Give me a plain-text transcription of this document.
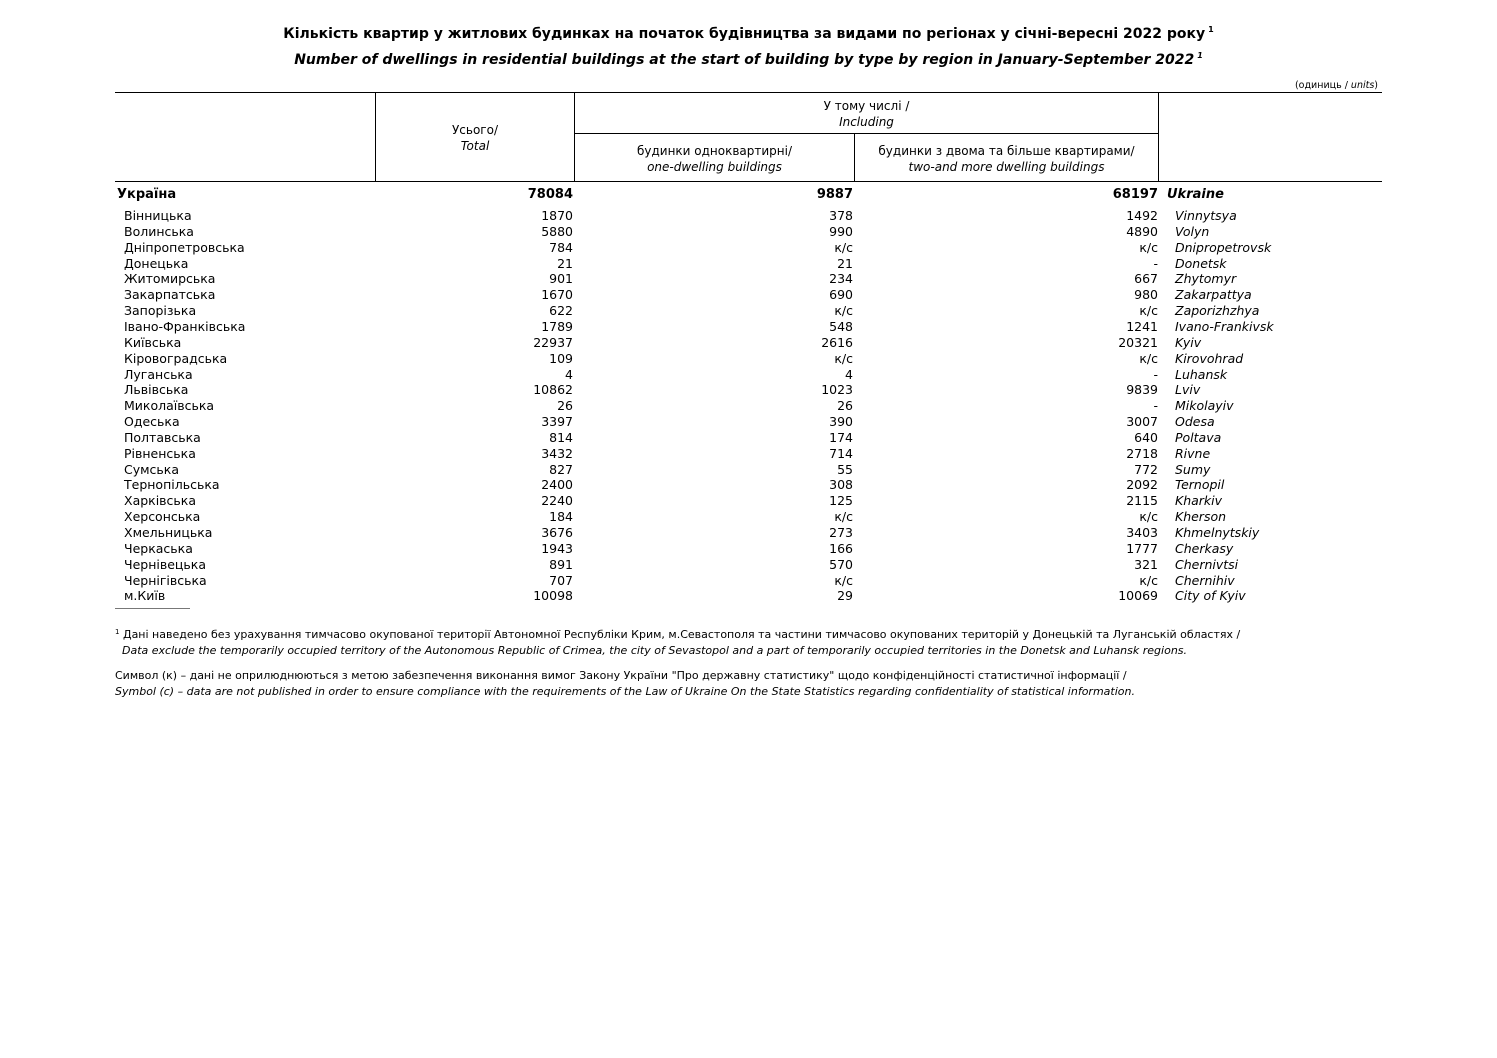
Кількість квартир у житлових будинках на початок будівництва за видами по регіонах у січні-вересні 2022 року $^1$
Number of dwellings in residential buildings at the start of building by type by region in January-September 2022 $^1$
(одиниць / units)
Усього/
Total
У тому числі /
Including
будинки одноквартирні/
one-dwelling buildings
будинки з двома та більше квартирами/
two-and more dwelling buildings
Україна	78084	9887	68197 Ukraine
Вінницька	1870	378	1492 Vinnytsya
Волинська	5880	990	4890 Volyn
Дніпропетровська	784	к/с	к/с Dnipropetrovsk
Донецька	21	21	- Donetsk
Житомирська	901	234	667 Zhytomyr
Закарпатська	1670	690	980 Zakarpattya
Запорізька	622	к/с	к/с Zaporizhzhya
Івано-Франківська	1789	548	1241 Ivano-Frankivsk
Київська	22937	2616	20321 Kyiv
Кіровоградська	109	к/с	к/с Kirovohrad
Луганська	4	4	- Luhansk
Львівська	10862	1023	9839 Lviv
Миколаївська	26	26	- Mikolayiv
Одеська	3397	390	3007 Odesa
Полтавська	814	174	640 Poltava
Рівненська	3432	714	2718 Rivne
Сумська	827	55	772 Sumy
Тернопільська	2400	308	2092 Ternopil
Харківська	2240	125	2115 Kharkiv
Херсонська	184	к/с	к/с Kherson
Хмельницька	3676	273	3403 Khmelnytskiy
Черкаська	1943	166	1777 Cherkasy
Чернівецька	891	570	321 Chernivtsi
Чернігівська	707	к/с	к/с Chernihiv
м.Київ	10098	29	10069 City of Kyiv
$^1$ Дані наведено без урахування тимчасово окупованої території Автономної Республіки Крим, м.Севастополя та частини тимчасово окупованих територій у Донецькій та Луганській областях /
Data exclude the temporarily occupied territory of the Autonomous Republic of Crimea, the city of Sevastopol and a part of temporarily occupied territories in the Donetsk and Luhansk regions.
Символ (к) – дані не оприлюднюються з метою забезпечення виконання вимог Закону України "Про державну статистику" щодо конфіденційності статистичної інформації /
Symbol (c) – data are not published in order to ensure compliance with the requirements of the Law of Ukraine On the State Statistics regarding confidentiality of statistical information.
